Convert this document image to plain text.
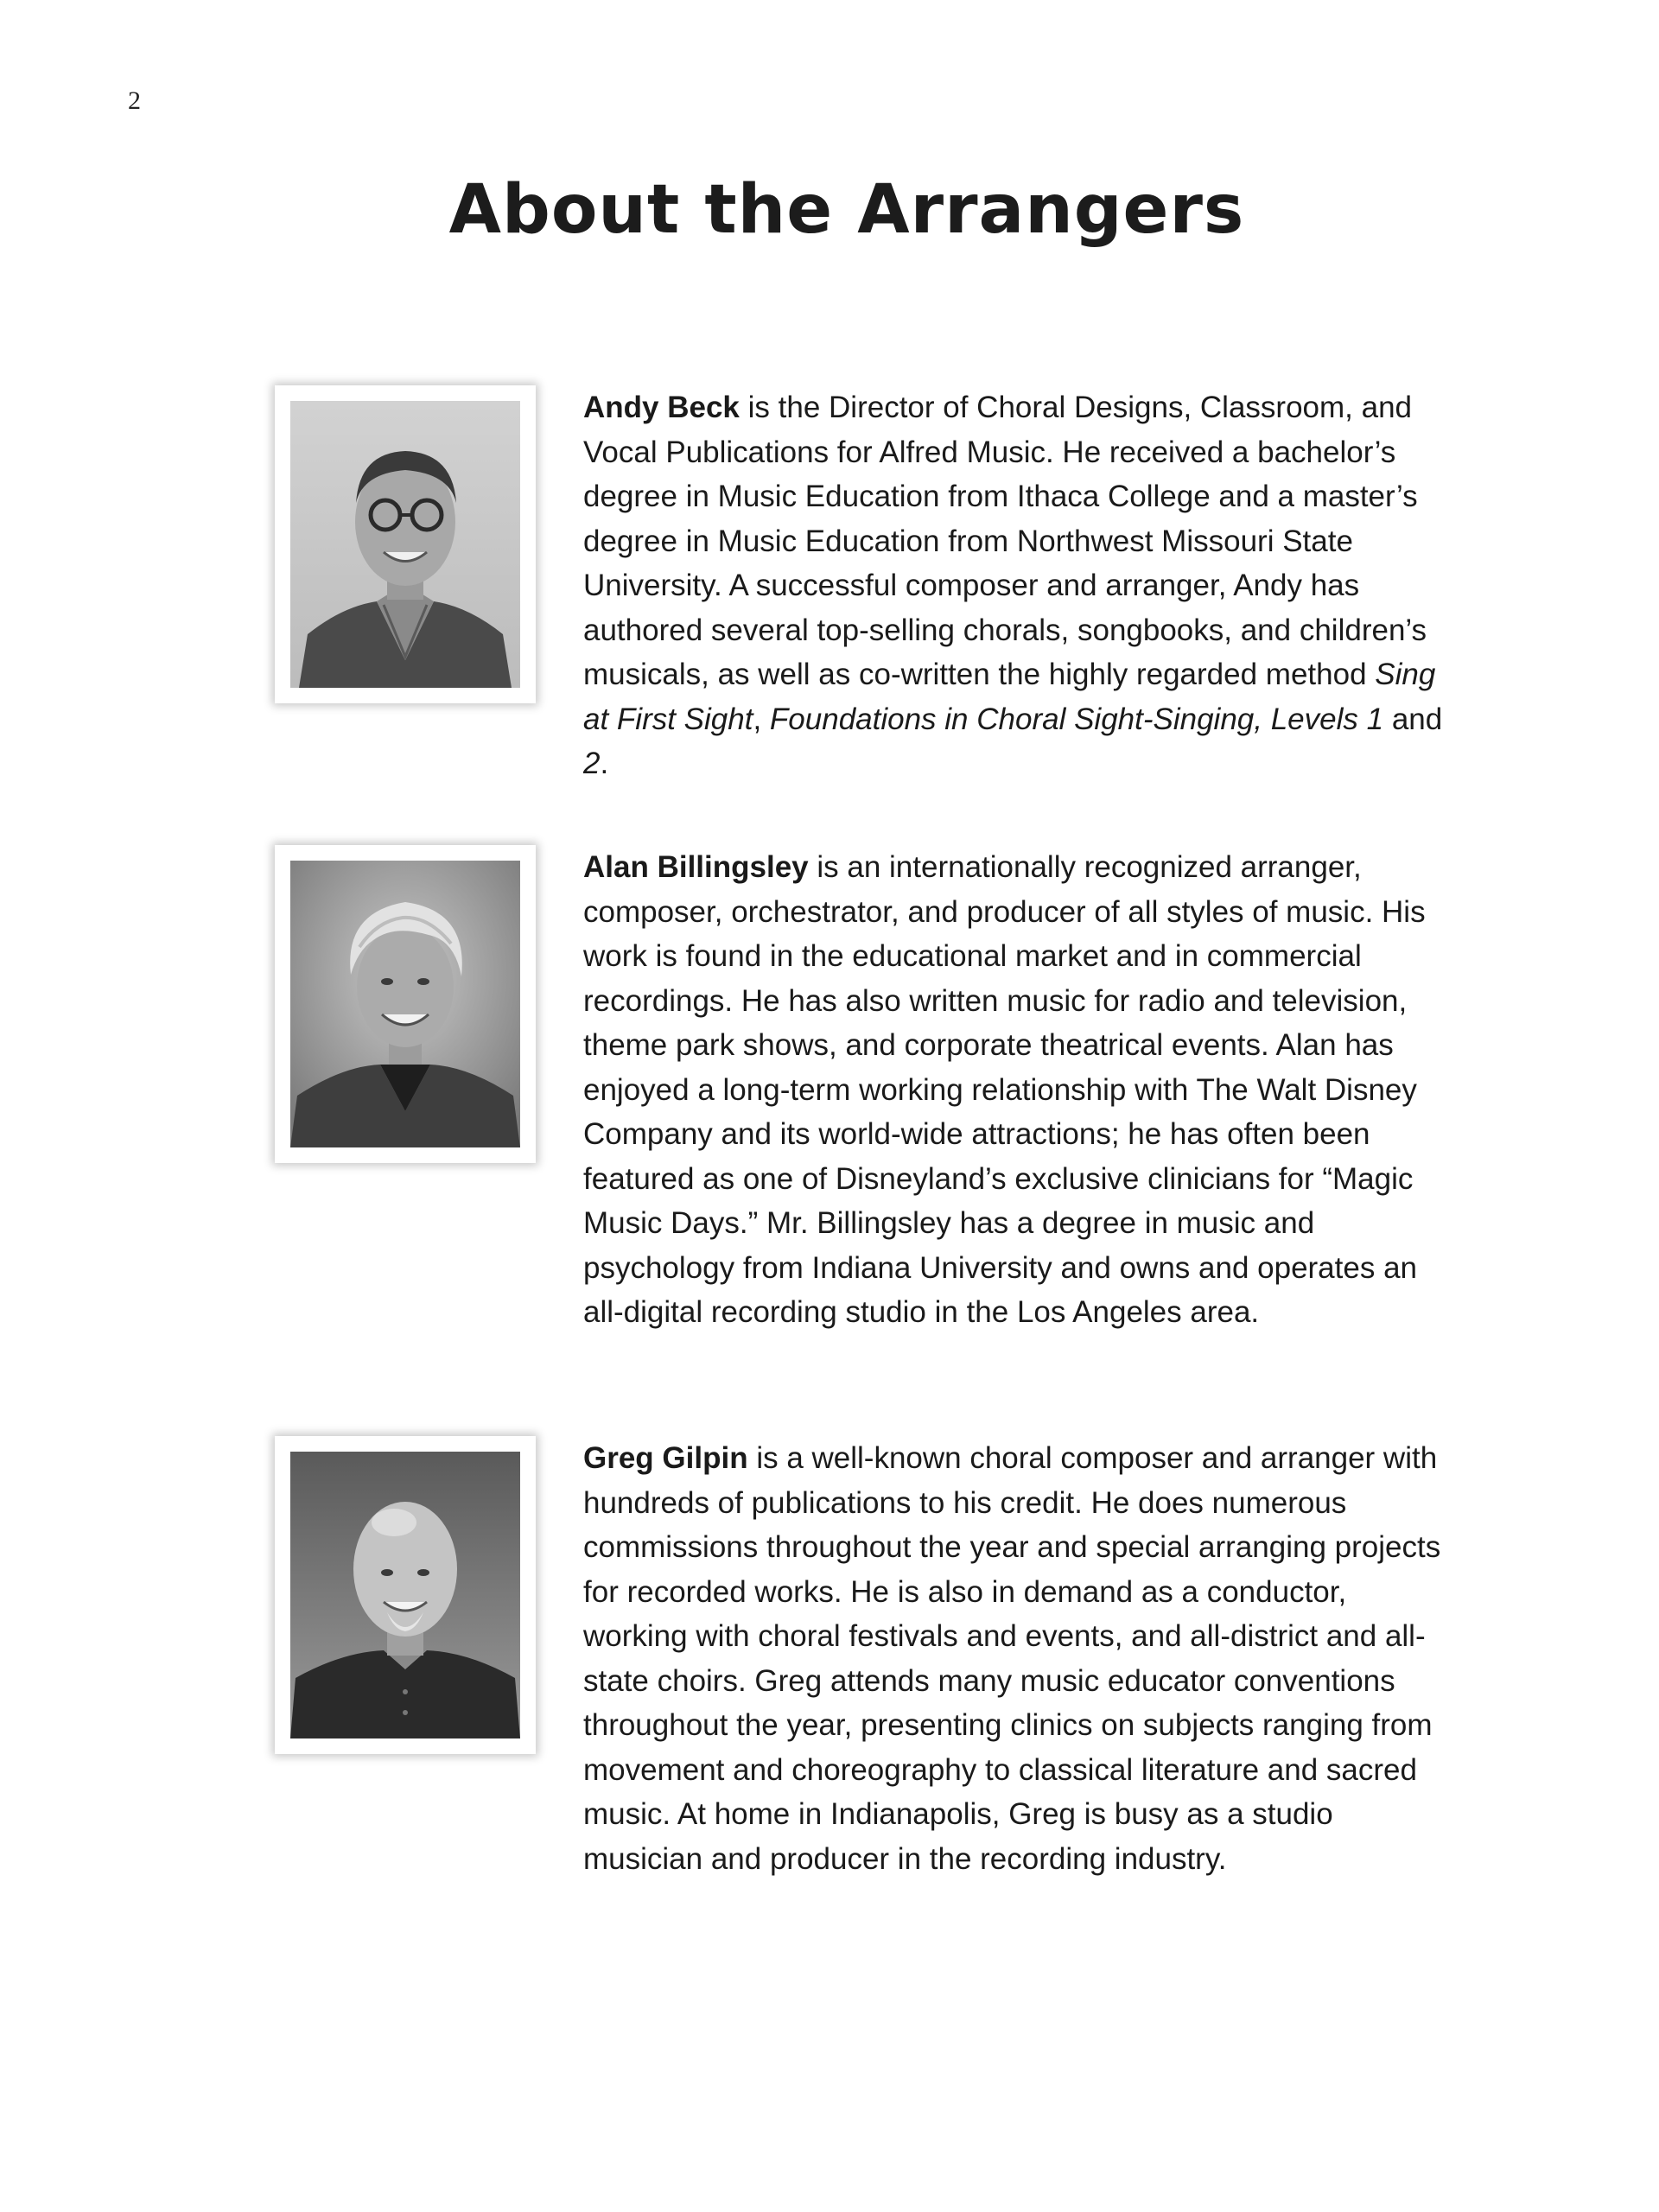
2
About the Arrangers

Andy Beck is the Director of Choral Designs, Classroom, and Vocal Publications for Alfred Music. He received a bachelor’s degree in Music Education from Ithaca College and a master’s degree in Music Education from Northwest Missouri State University. A successful composer and arranger, Andy has authored several top-selling chorals, songbooks, and children’s musicals, as well as co-written the highly regarded method Sing at First Sight, Foundations in Choral Sight-Singing, Levels 1 and 2.

Alan Billingsley is an internationally recognized arranger, composer, orchestrator, and producer of all styles of music. His work is found in the educational market and in commercial recordings. He has also written music for radio and television, theme park shows, and corporate theatrical events. Alan has enjoyed a long-term working relationship with The Walt Disney Company and its world-wide attractions; he has often been featured as one of Disneyland’s exclusive clinicians for “Magic Music Days.” Mr. Billingsley has a degree in music and psychology from Indiana University and owns and operates an all-digital recording studio in the Los Angeles area.

Greg Gilpin is a well-known choral composer and arranger with hundreds of publications to his credit. He does numerous commissions throughout the year and special arranging projects for recorded works. He is also in demand as a conductor, working with choral festivals and events, and all-district and all-state choirs. Greg attends many music educator conventions throughout the year, presenting clinics on subjects ranging from movement and choreography to classical literature and sacred music. At home in Indianapolis, Greg is busy as a studio musician and producer in the recording industry.
